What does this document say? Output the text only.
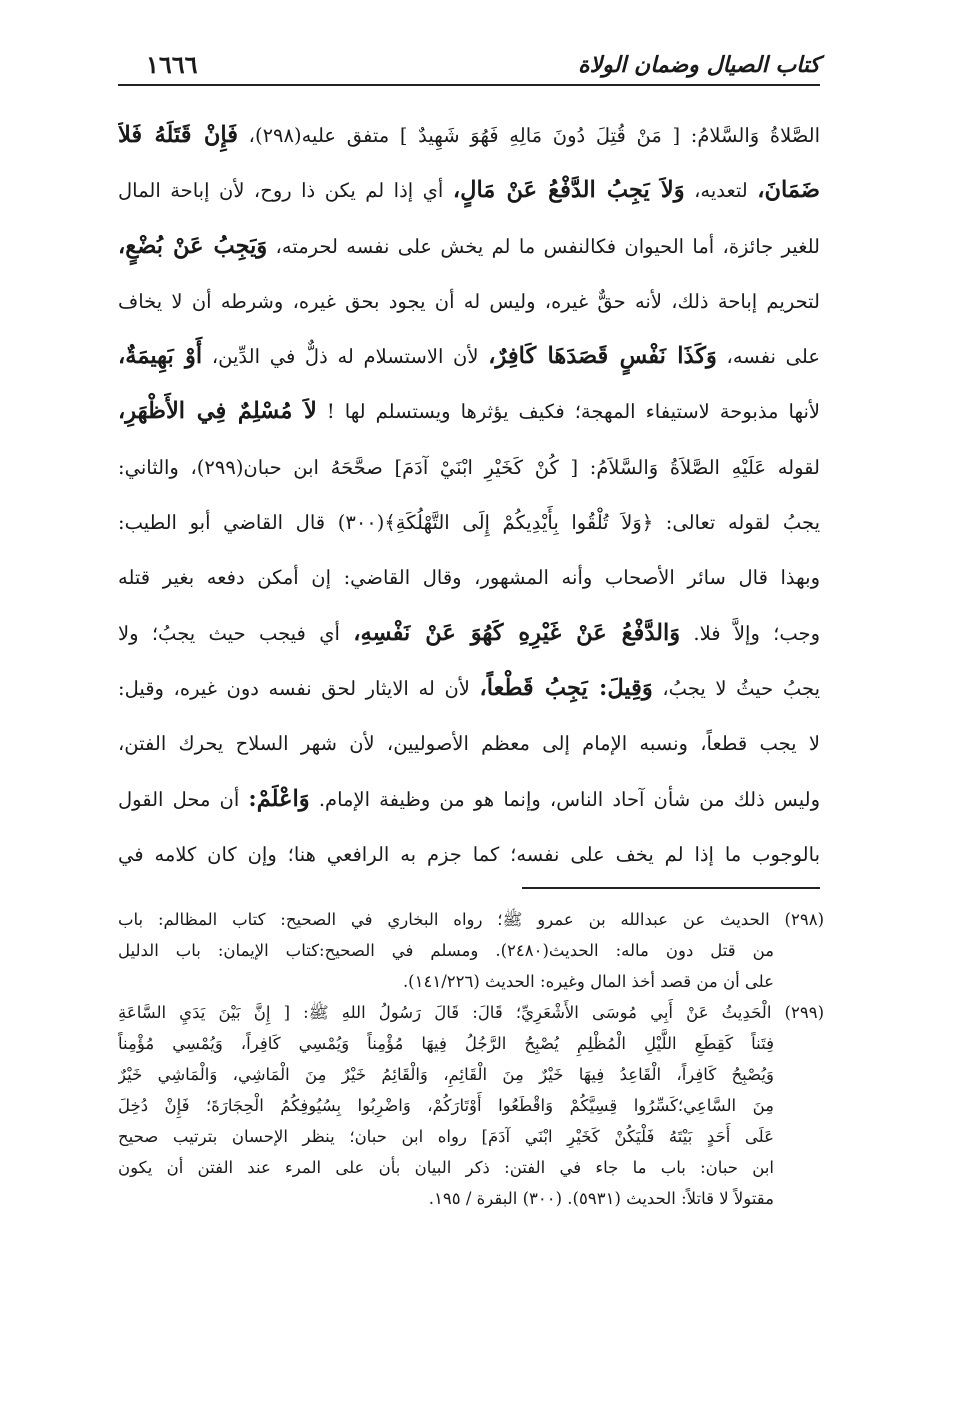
كتاب الصيال وضمان الولاة
١٦٦٦
الصَّلاةُ وَالسَّلامُ: [ مَنْ قُتِلَ دُونَ مَالِهِ فَهُوَ شَهِيدٌ ] متفق عليه(٢٩٨)، فَإِنْ قَتَلَهُ فَلاَ
ضَمَانَ، لتعديه، وَلاَ يَجِبُ الدَّفْعُ عَنْ مَالٍ، أي إذا لم يكن ذا روح، لأن إباحة المال
للغير جائزة، أما الحيوان فكالنفس ما لم يخش على نفسه لحرمته، وَيَجِبُ عَنْ بُضْعٍ،
لتحريم إباحة ذلك، لأنه حقٌّ غيره، وليس له أن يجود بحق غيره، وشرطه أن لا يخاف
على نفسه، وَكَذَا نَفْسٍ قَصَدَهَا كَافِرٌ، لأن الاستسلام له ذلٌّ في الدِّين، أَوْ بَهِيمَةٌ،
لأنها مذبوحة لاستيفاء المهجة؛ فكيف يؤثرها ويستسلم لها ! لاَ مُسْلِمٌ فِي الأَظْهَرِ،
لقوله عَلَيْهِ الصَّلاَةُ وَالسَّلاَمُ: [ كُنْ كَخَيْرِ ابْنَيْ آدَمَ] صحَّحَهُ ابن حبان(٢٩٩)، والثاني:
يجبُ لقوله تعالى: ﴿وَلاَ تُلْقُوا بِأَيْدِيكُمْ إِلَى التَّهْلُكَةِ﴾(٣٠٠) قال القاضي أبو الطيب:
وبهذا قال سائر الأصحاب وأنه المشهور، وقال القاضي: إن أمكن دفعه بغير قتله
وجب؛ وإلاَّ فلا. وَالدَّفْعُ عَنْ غَيْرِهِ كَهُوَ عَنْ نَفْسِهِ، أي فيجب حيث يجبُ؛ ولا
يجبُ حيثُ لا يجبُ، وَقِيلَ: يَجِبُ قَطْعاً، لأن له الايثار لحق نفسه دون غيره، وقيل:
لا يجب قطعاً، ونسبه الإمام إلى معظم الأصوليين، لأن شهر السلاح يحرك الفتن،
وليس ذلك من شأن آحاد الناس، وإنما هو من وظيفة الإمام. وَاعْلَمْ: أن محل القول
بالوجوب ما إذا لم يخف على نفسه؛ كما جزم به الرافعي هنا؛ وإن كان كلامه في
(٢٩٨) الحديث عن عبدالله بن عمرو ﷺ؛ رواه البخاري في الصحيح: كتاب المظالم: باب
من قتل دون ماله: الحديث(٢٤٨٠). ومسلم في الصحيح:كتاب الإيمان: باب الدليل
على أن من قصد أخذ المال وغيره: الحديث (١٤١/٢٢٦).
(٢٩٩) الْحَدِيثُ عَنْ أَبِي مُوسَى الأَشْعَرِيِّ؛ قَالَ: قَالَ رَسُولُ اللهِ ﷺ: [ إِنَّ بَيْنَ يَدَيِ السَّاعَةِ
فِتَناً كَقِطَعِ اللَّيْلِ الْمُظْلِمِ يُصْبِحُ الرَّجُلُ فِيهَا مُؤْمِناً وَيُمْسِي كَافِراً، وَيُمْسِي مُؤْمِناً
وَيُصْبِحُ كَافِراً، الْقَاعِدُ فِيهَا خَيْرٌ مِنَ الْقَائِمِ، وَالْقَائِمُ خَيْرٌ مِنَ الْمَاشِي، وَالْمَاشِي خَيْرٌ
مِنَ السَّاعِي؛كَسِّرُوا قِسِيَّكُمْ وَاقْطَعُوا أَوْتَارَكُمْ، وَاضْرِبُوا بِسُيُوفِكُمُ الْحِجَارَةَ؛ فَإِنْ دُخِلَ
عَلَى أَحَدٍ بَيْتَهُ فَلْيَكُنْ كَخَيْرِ ابْنَي آدَمَ] رواه ابن حبان؛ ينظر الإحسان بترتيب صحيح
ابن حبان: باب ما جاء في الفتن: ذكر البيان بأن على المرء عند الفتن أن يكون
مقتولاً لا قاتلاً: الحديث (٥٩٣١). (٣٠٠) البقرة / ١٩٥.
